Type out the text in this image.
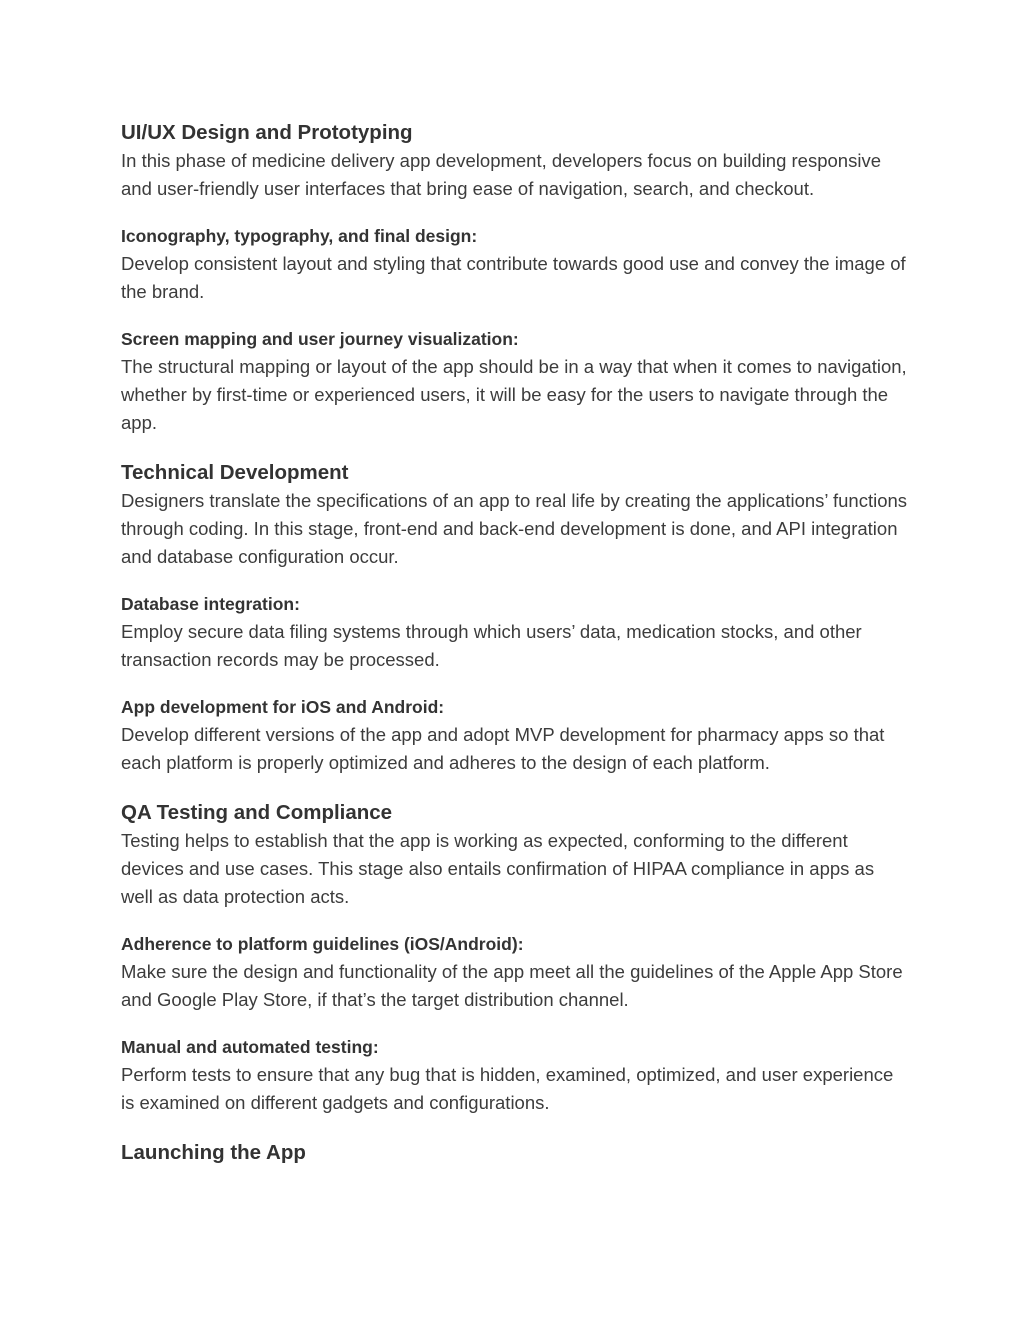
UI/UX Design and Prototyping
In this phase of medicine delivery app development, developers focus on building responsive and user-friendly user interfaces that bring ease of navigation, search, and checkout.
Iconography, typography, and final design:
Develop consistent layout and styling that contribute towards good use and convey the image of the brand.
Screen mapping and user journey visualization:
The structural mapping or layout of the app should be in a way that when it comes to navigation, whether by first-time or experienced users, it will be easy for the users to navigate through the app.
Technical Development
Designers translate the specifications of an app to real life by creating the applications’ functions through coding. In this stage, front-end and back-end development is done, and API integration and database configuration occur.
Database integration:
Employ secure data filing systems through which users’ data, medication stocks, and other transaction records may be processed.
App development for iOS and Android:
Develop different versions of the app and adopt MVP development for pharmacy apps so that each platform is properly optimized and adheres to the design of each platform.
QA Testing and Compliance
Testing helps to establish that the app is working as expected, conforming to the different devices and use cases. This stage also entails confirmation of HIPAA compliance in apps as well as data protection acts.
Adherence to platform guidelines (iOS/Android):
Make sure the design and functionality of the app meet all the guidelines of the Apple App Store and Google Play Store, if that’s the target distribution channel.
Manual and automated testing:
Perform tests to ensure that any bug that is hidden, examined, optimized, and user experience is examined on different gadgets and configurations.
Launching the App
